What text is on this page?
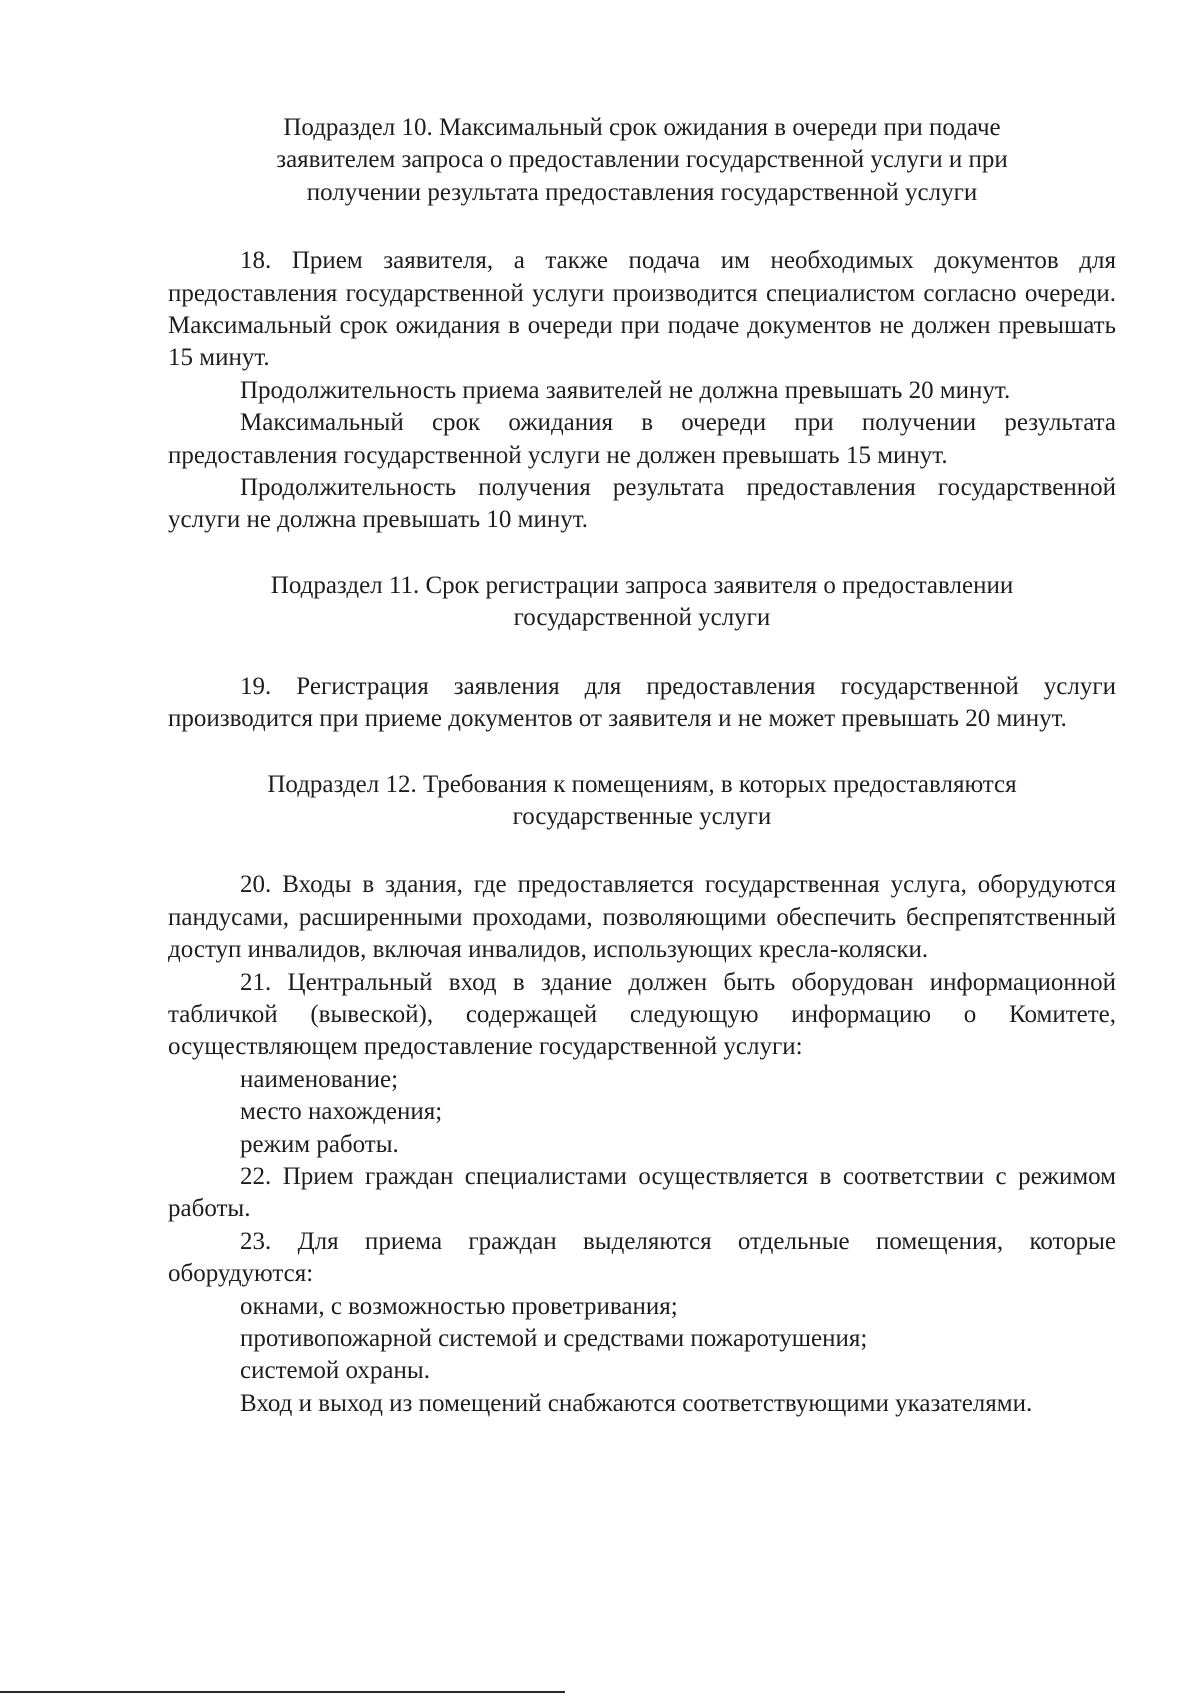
Подраздел 10. Максимальный срок ожидания в очереди при подаче
заявителем запроса о предоставлении государственной услуги и при
получении результата предоставления государственной услуги

18. Прием заявителя, а также подача им необходимых документов для предоставления государственной услуги производится специалистом согласно очереди. Максимальный срок ожидания в очереди при подаче документов не должен превышать 15 минут.

Продолжительность приема заявителей не должна превышать 20 минут.

Максимальный срок ожидания в очереди при получении результата предоставления государственной услуги не должен превышать 15 минут.

Продолжительность получения результата предоставления государственной услуги не должна превышать 10 минут.

Подраздел 11. Срок регистрации запроса заявителя о предоставлении
государственной услуги

19. Регистрация заявления для предоставления государственной услуги производится при приеме документов от заявителя и не может превышать 20 минут.

Подраздел 12. Требования к помещениям, в которых предоставляются
государственные услуги

20. Входы в здания, где предоставляется государственная услуга, оборудуются пандусами, расширенными проходами, позволяющими обеспечить беспрепятственный доступ инвалидов, включая инвалидов, использующих кресла-коляски.

21. Центральный вход в здание должен быть оборудован информационной табличкой (вывеской), содержащей следующую информацию о Комитете, осуществляющем предоставление государственной услуги:

наименование;

место нахождения;

режим работы.

22. Прием граждан специалистами осуществляется в соответствии с режимом работы.

23. Для приема граждан выделяются отдельные помещения, которые оборудуются:

окнами, с возможностью проветривания;

противопожарной системой и средствами пожаротушения;

системой охраны.

Вход и выход из помещений снабжаются соответствующими указателями.
